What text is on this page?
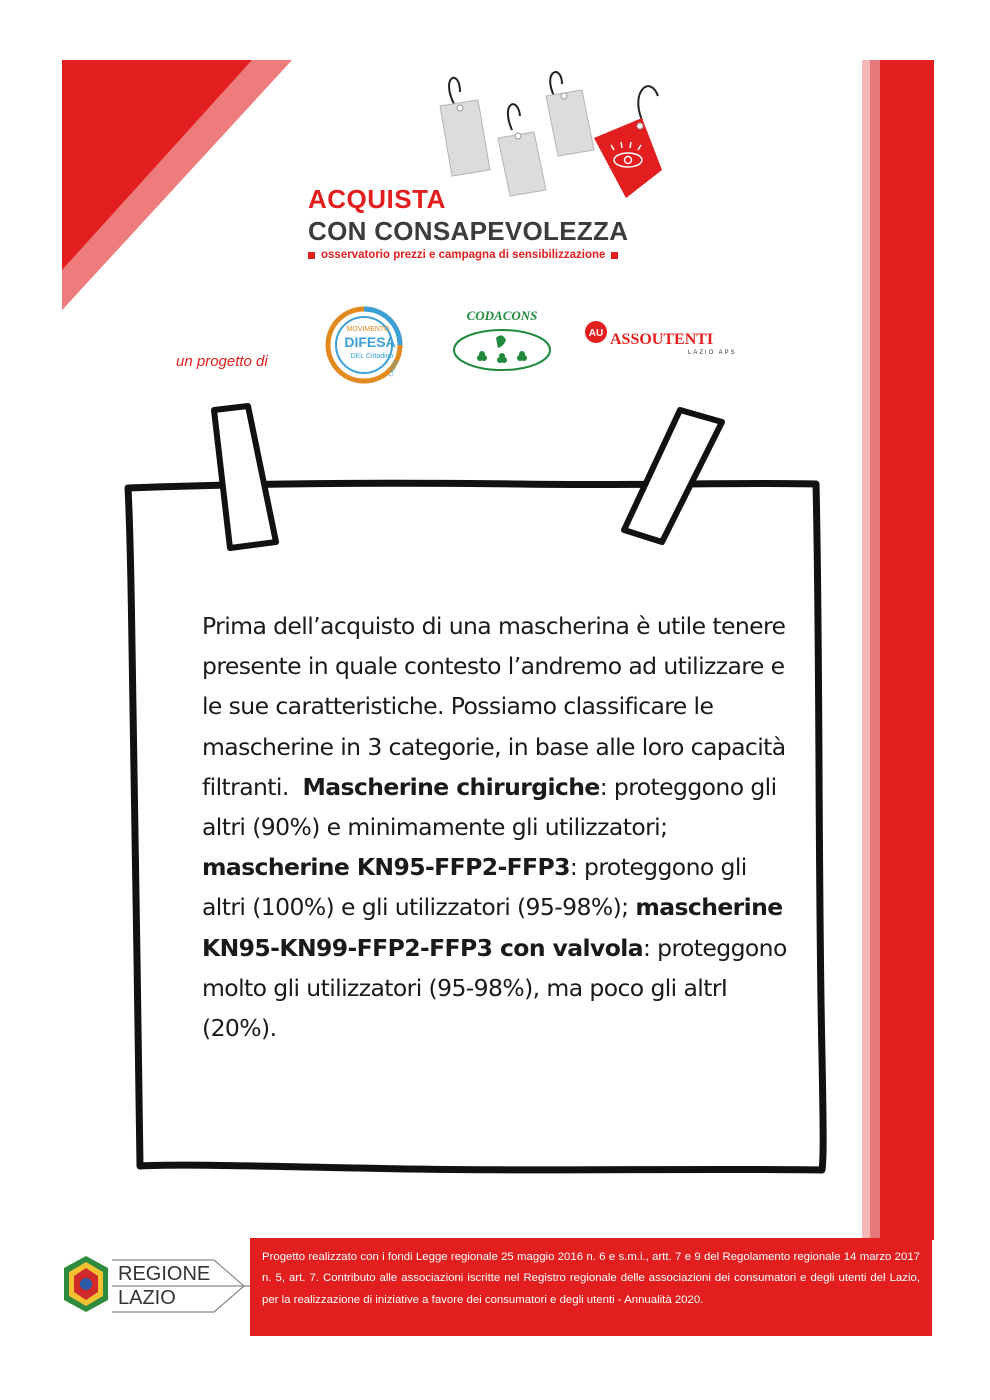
ACQUISTA
CON CONSAPEVOLEZZA
osservatorio prezzi e campagna di sensibilizzazione
un progetto di
MOVIMENTO
DIFESA
DEL Cittadino
LAZIO
CODACONS
AU ASSOUTENTI
LAZIO APS

Prima dell’acquisto di una mascherina è utile tenere presente in quale contesto l’andremo ad utilizzare e le sue caratteristiche. Possiamo classificare le mascherine in 3 categorie, in base alle loro capacità filtranti. Mascherine chirurgiche: proteggono gli altri (90%) e minimamente gli utilizzatori; mascherine KN95-FFP2-FFP3: proteggono gli altri (100%) e gli utilizzatori (95-98%); mascherine KN95-KN99-FFP2-FFP3 con valvola: proteggono molto gli utilizzatori (95-98%), ma poco gli altrI (20%).

REGIONE
LAZIO
Progetto realizzato con i fondi Legge regionale 25 maggio 2016 n. 6 e s.m.i., artt. 7 e 9 del Regolamento regionale 14 marzo 2017 n. 5, art. 7. Contributo alle associazioni iscritte nel Registro regionale delle associazioni dei consumatori e degli utenti del Lazio, per la realizzazione di iniziative a favore dei consumatori e degli utenti - Annualità 2020.
